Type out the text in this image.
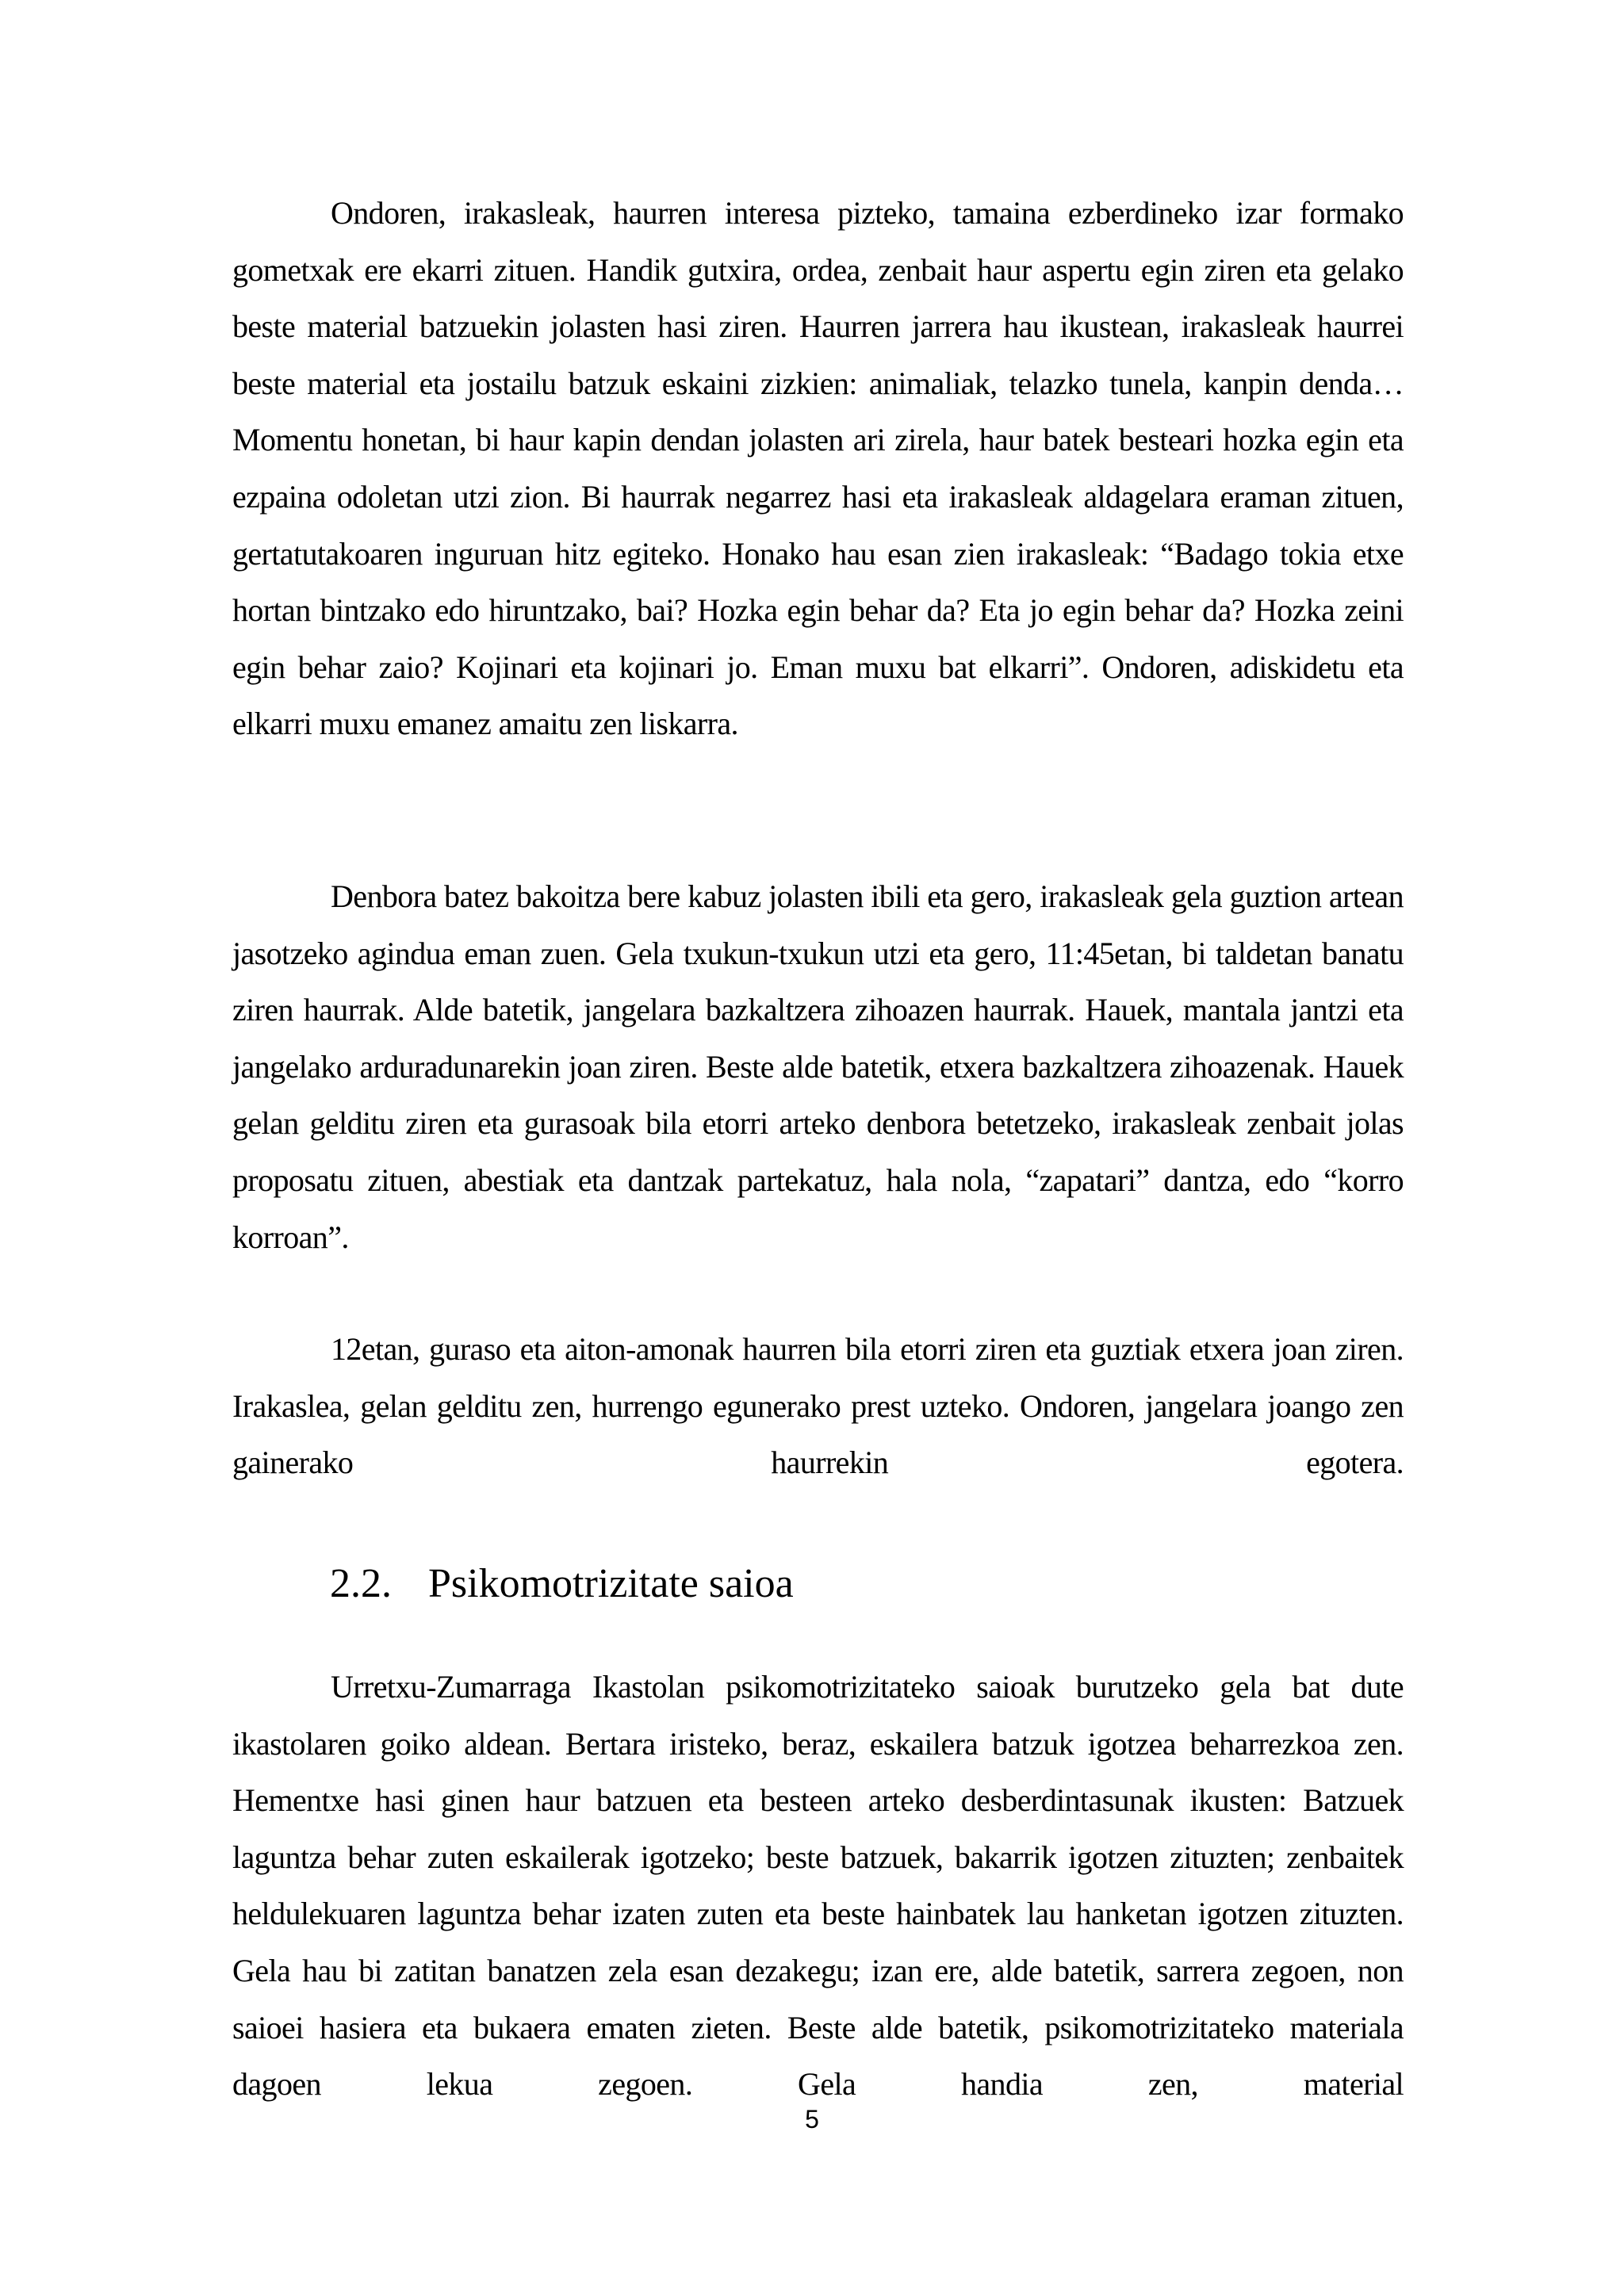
Ondoren, irakasleak, haurren interesa pizteko, tamaina ezberdineko izar formako gometxak ere ekarri zituen. Handik gutxira, ordea, zenbait haur aspertu egin ziren eta gelako beste material batzuekin jolasten hasi ziren. Haurren jarrera hau ikustean, irakasleak haurrei beste material eta jostailu batzuk eskaini zizkien: animaliak, telazko tunela, kanpin denda… Momentu honetan, bi haur kapin dendan jolasten ari zirela, haur batek besteari hozka egin eta ezpaina odoletan utzi zion. Bi haurrak negarrez hasi eta irakasleak aldagelara eraman zituen, gertatutakoaren inguruan hitz egiteko. Honako hau esan zien irakasleak: “Badago tokia etxe hortan bintzako edo hiruntzako, bai? Hozka egin behar da? Eta jo egin behar da? Hozka zeini egin behar zaio? Kojinari eta kojinari jo. Eman muxu bat elkarri”. Ondoren, adiskidetu eta elkarri muxu emanez amaitu zen liskarra.

Denbora batez bakoitza bere kabuz jolasten ibili eta gero, irakasleak gela guztion artean jasotzeko agindua eman zuen. Gela txukun-txukun utzi eta gero, 11:45etan, bi taldetan banatu ziren haurrak. Alde batetik, jangelara bazkaltzera zihoazen haurrak. Hauek, mantala jantzi eta jangelako arduradunarekin joan ziren. Beste alde batetik, etxera bazkaltzera zihoazenak. Hauek gelan gelditu ziren eta gurasoak bila etorri arteko denbora betetzeko, irakasleak zenbait jolas proposatu zituen, abestiak eta dantzak partekatuz, hala nola, “zapatari” dantza, edo “korro korroan”.

12etan, guraso eta aiton-amonak haurren bila etorri ziren eta guztiak etxera joan ziren. Irakaslea, gelan gelditu zen, hurrengo egunerako prest uzteko. Ondoren, jangelara joango zen gainerako haurrekin egotera.

2.2. Psikomotrizitate saioa

Urretxu-Zumarraga Ikastolan psikomotrizitateko saioak burutzeko gela bat dute ikastolaren goiko aldean. Bertara iristeko, beraz, eskailera batzuk igotzea beharrezkoa zen. Hementxe hasi ginen haur batzuen eta besteen arteko desberdintasunak ikusten: Batzuek laguntza behar zuten eskailerak igotzeko; beste batzuek, bakarrik igotzen zituzten; zenbaitek heldulekuaren laguntza behar izaten zuten eta beste hainbatek lau hanketan igotzen zituzten. Gela hau bi zatitan banatzen zela esan dezakegu; izan ere, alde batetik, sarrera zegoen, non saioei hasiera eta bukaera ematen zieten. Beste alde batetik, psikomotrizitateko materiala dagoen lekua zegoen. Gela handia zen, material

5
